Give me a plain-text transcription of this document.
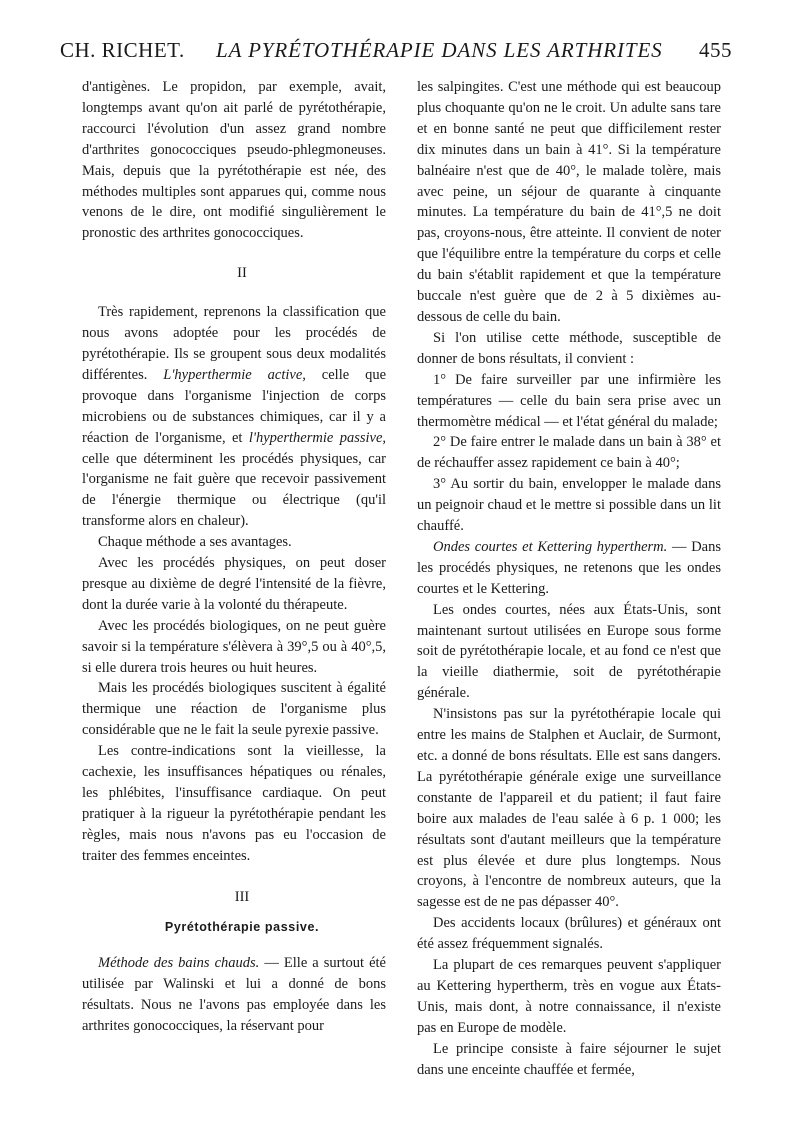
CH. RICHET. LA PYRÉTOTHÉRAPIE DANS LES ARTHRITES 455

d'antigènes. Le propidon, par exemple, avait, longtemps avant qu'on ait parlé de pyrétothérapie, raccourci l'évolution d'un assez grand nombre d'arthrites gonococciques pseudo-phlegmoneuses. Mais, depuis que la pyrétothérapie est née, des méthodes multiples sont apparues qui, comme nous venons de le dire, ont modifié singulièrement le pronostic des arthrites gonococciques.

II

Très rapidement, reprenons la classification que nous avons adoptée pour les procédés de pyrétothérapie. Ils se groupent sous deux modalités différentes. L'hyperthermie active, celle que provoque dans l'organisme l'injection de corps microbiens ou de substances chimiques, car il y a réaction de l'organisme, et l'hyperthermie passive, celle que déterminent les procédés physiques, car l'organisme ne fait guère que recevoir passivement de l'énergie thermique ou électrique (qu'il transforme alors en chaleur).

Chaque méthode a ses avantages.

Avec les procédés physiques, on peut doser presque au dixième de degré l'intensité de la fièvre, dont la durée varie à la volonté du thérapeute.

Avec les procédés biologiques, on ne peut guère savoir si la température s'élèvera à 39°,5 ou à 40°,5, si elle durera trois heures ou huit heures.

Mais les procédés biologiques suscitent à égalité thermique une réaction de l'organisme plus considérable que ne le fait la seule pyrexie passive.

Les contre-indications sont la vieillesse, la cachexie, les insuffisances hépatiques ou rénales, les phlébites, l'insuffisance cardiaque. On peut pratiquer à la rigueur la pyrétothérapie pendant les règles, mais nous n'avons pas eu l'occasion de traiter des femmes enceintes.

III

Pyrétothérapie passive.

Méthode des bains chauds. — Elle a surtout été utilisée par Walinski et lui a donné de bons résultats. Nous ne l'avons pas employée dans les arthrites gonococciques, la réservant pour

les salpingites. C'est une méthode qui est beaucoup plus choquante qu'on ne le croit. Un adulte sans tare et en bonne santé ne peut que difficilement rester dix minutes dans un bain à 41°. Si la température balnéaire n'est que de 40°, le malade tolère, mais avec peine, un séjour de quarante à cinquante minutes. La température du bain de 41°,5 ne doit pas, croyons-nous, être atteinte. Il convient de noter que l'équilibre entre la température du corps et celle du bain s'établit rapidement et que la température buccale n'est guère que de 2 à 5 dixièmes au-dessous de celle du bain.

Si l'on utilise cette méthode, susceptible de donner de bons résultats, il convient :

1° De faire surveiller par une infirmière les températures — celle du bain sera prise avec un thermomètre médical — et l'état général du malade;

2° De faire entrer le malade dans un bain à 38° et de réchauffer assez rapidement ce bain à 40°;

3° Au sortir du bain, envelopper le malade dans un peignoir chaud et le mettre si possible dans un lit chauffé.

Ondes courtes et Kettering hypertherm. — Dans les procédés physiques, ne retenons que les ondes courtes et le Kettering.

Les ondes courtes, nées aux États-Unis, sont maintenant surtout utilisées en Europe sous forme soit de pyrétothérapie locale, et au fond ce n'est que la vieille diathermie, soit de pyrétothérapie générale.

N'insistons pas sur la pyrétothérapie locale qui entre les mains de Stalphen et Auclair, de Surmont, etc. a donné de bons résultats. Elle est sans dangers. La pyrétothérapie générale exige une surveillance constante de l'appareil et du patient; il faut faire boire aux malades de l'eau salée à 6 p. 1 000; les résultats sont d'autant meilleurs que la température est plus élevée et dure plus longtemps. Nous croyons, à l'encontre de nombreux auteurs, que la sagesse est de ne pas dépasser 40°.

Des accidents locaux (brûlures) et généraux ont été assez fréquemment signalés.

La plupart de ces remarques peuvent s'appliquer au Kettering hypertherm, très en vogue aux États-Unis, mais dont, à notre connaissance, il n'existe pas en Europe de modèle.

Le principe consiste à faire séjourner le sujet dans une enceinte chauffée et fermée,
